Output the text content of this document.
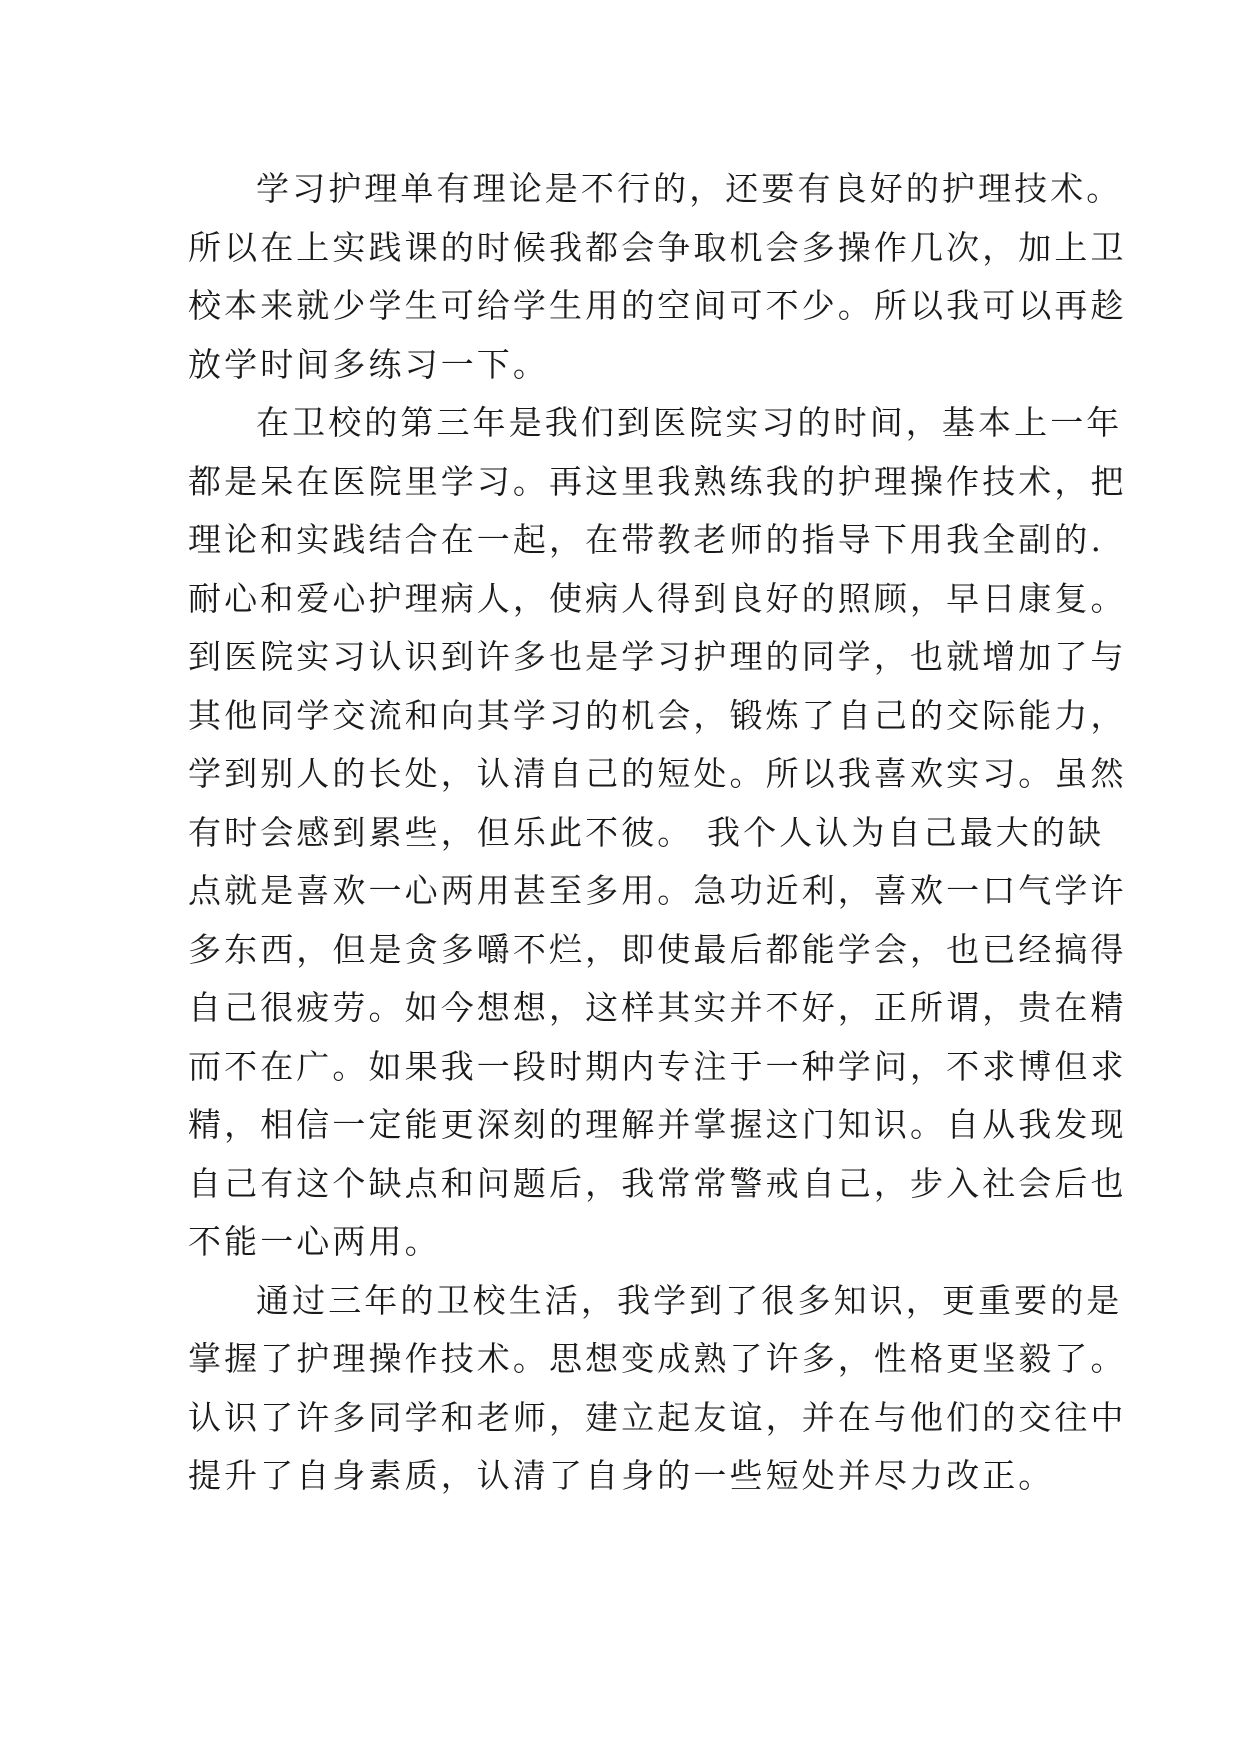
学习护理单有理论是不行的，还要有良好的护理技术。
所以在上实践课的时候我都会争取机会多操作几次，加上卫
校本来就少学生可给学生用的空间可不少。所以我可以再趁
放学时间多练习一下。
在卫校的第三年是我们到医院实习的时间，基本上一年
都是呆在医院里学习。再这里我熟练我的护理操作技术，把
理论和实践结合在一起，在带教老师的指导下用我全副的.
耐心和爱心护理病人，使病人得到良好的照顾，早日康复。
到医院实习认识到许多也是学习护理的同学，也就增加了与
其他同学交流和向其学习的机会，锻炼了自己的交际能力，
学到别人的长处，认清自己的短处。所以我喜欢实习。虽然
有时会感到累些，但乐此不彼。 我个人认为自己最大的缺
点就是喜欢一心两用甚至多用。急功近利，喜欢一口气学许
多东西，但是贪多嚼不烂，即使最后都能学会，也已经搞得
自己很疲劳。如今想想，这样其实并不好，正所谓，贵在精
而不在广。如果我一段时期内专注于一种学问，不求博但求
精，相信一定能更深刻的理解并掌握这门知识。自从我发现
自己有这个缺点和问题后，我常常警戒自己，步入社会后也
不能一心两用。
通过三年的卫校生活，我学到了很多知识，更重要的是
掌握了护理操作技术。思想变成熟了许多，性格更坚毅了。
认识了许多同学和老师，建立起友谊，并在与他们的交往中
提升了自身素质，认清了自身的一些短处并尽力改正。
